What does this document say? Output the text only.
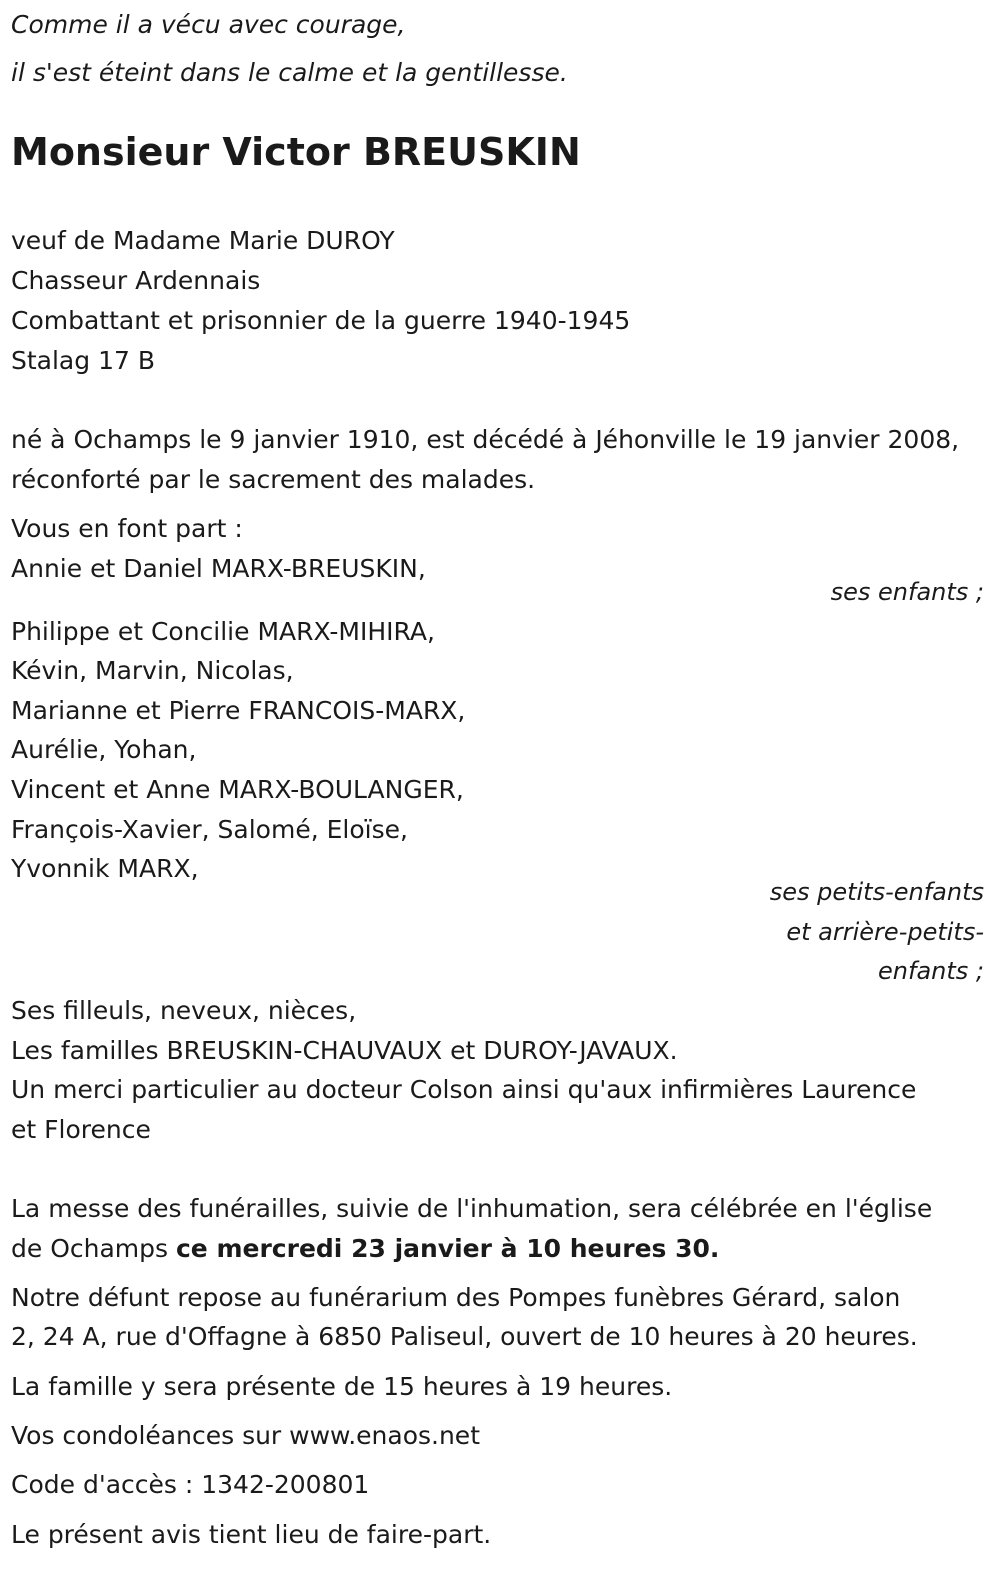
Comme il a vécu avec courage,
il s'est éteint dans le calme et la gentillesse.
Monsieur Victor BREUSKIN
veuf de Madame Marie DUROY
Chasseur Ardennais
Combattant et prisonnier de la guerre 1940-1945
Stalag 17 B
né à Ochamps le 9 janvier 1910, est décédé à Jéhonville le 19 janvier 2008,
réconforté par le sacrement des malades.
Vous en font part :
Annie et Daniel MARX-BREUSKIN,
ses enfants ;
Philippe et Concilie MARX-MIHIRA,
Kévin, Marvin, Nicolas,
Marianne et Pierre FRANCOIS-MARX,
Aurélie, Yohan,
Vincent et Anne MARX-BOULANGER,
François-Xavier, Salomé, Eloïse,
Yvonnik MARX,
ses petits-enfants
et arrière-petits-
enfants ;
Ses filleuls, neveux, nièces,
Les familles BREUSKIN-CHAUVAUX et DUROY-JAVAUX.
Un merci particulier au docteur Colson ainsi qu'aux infirmières Laurence
et Florence
La messe des funérailles, suivie de l'inhumation, sera célébrée en l'église
de Ochamps ce mercredi 23 janvier à 10 heures 30.
Notre défunt repose au funérarium des Pompes funèbres Gérard, salon
2, 24 A, rue d'Offagne à 6850 Paliseul, ouvert de 10 heures à 20 heures.
La famille y sera présente de 15 heures à 19 heures.
Vos condoléances sur www.enaos.net
Code d'accès : 1342-200801
Le présent avis tient lieu de faire-part.
